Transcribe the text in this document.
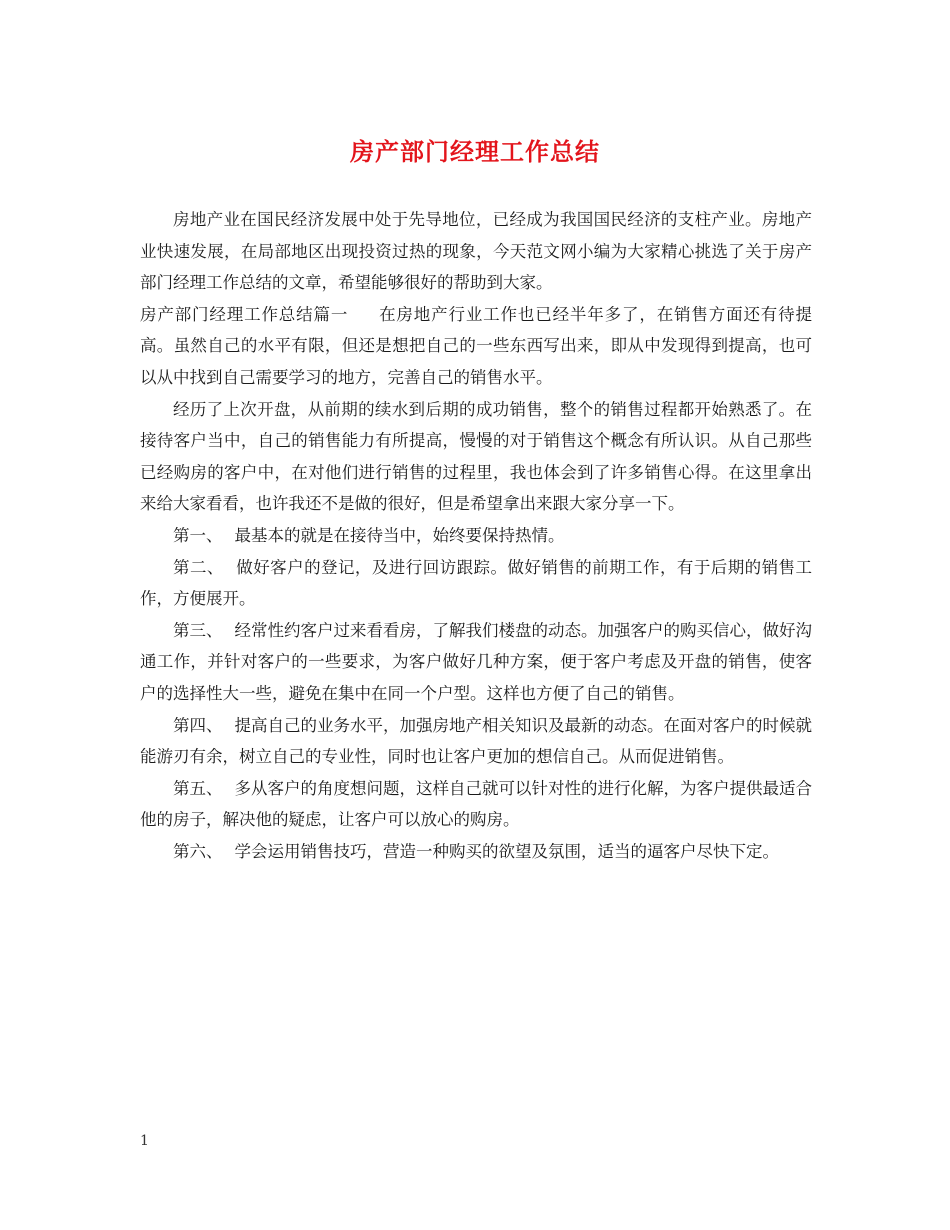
房产部门经理工作总结

房地产业在国民经济发展中处于先导地位，已经成为我国国民经济的支柱产业。房地产业快速发展，在局部地区出现投资过热的现象，今天范文网小编为大家精心挑选了关于房产部门经理工作总结的文章，希望能够很好的帮助到大家。

房产部门经理工作总结篇一 在房地产行业工作也已经半年多了，在销售方面还有待提高。虽然自己的水平有限，但还是想把自己的一些东西写出来，即从中发现得到提高，也可以从中找到自己需要学习的地方，完善自己的销售水平。

经历了上次开盘，从前期的续水到后期的成功销售，整个的销售过程都开始熟悉了。在接待客户当中，自己的销售能力有所提高，慢慢的对于销售这个概念有所认识。从自己那些已经购房的客户中，在对他们进行销售的过程里，我也体会到了许多销售心得。在这里拿出来给大家看看，也许我还不是做的很好，但是希望拿出来跟大家分享一下。

第一、 最基本的就是在接待当中，始终要保持热情。

第二、 做好客户的登记，及进行回访跟踪。做好销售的前期工作，有于后期的销售工作，方便展开。

第三、 经常性约客户过来看看房，了解我们楼盘的动态。加强客户的购买信心，做好沟通工作，并针对客户的一些要求，为客户做好几种方案，便于客户考虑及开盘的销售，使客户的选择性大一些，避免在集中在同一个户型。这样也方便了自己的销售。

第四、 提高自己的业务水平，加强房地产相关知识及最新的动态。在面对客户的时候就能游刃有余，树立自己的专业性，同时也让客户更加的想信自己。从而促进销售。

第五、 多从客户的角度想问题，这样自己就可以针对性的进行化解，为客户提供最适合他的房子，解决他的疑虑，让客户可以放心的购房。

第六、 学会运用销售技巧，营造一种购买的欲望及氛围，适当的逼客户尽快下定。

1
